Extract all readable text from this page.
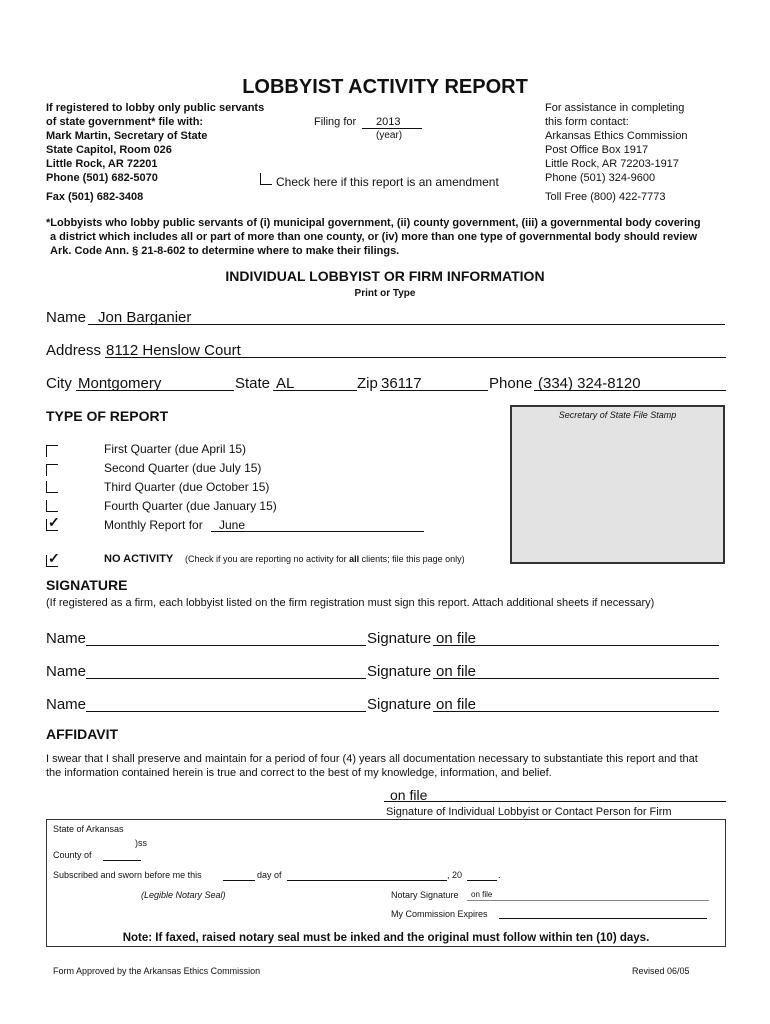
LOBBYIST ACTIVITY REPORT
If registered to lobby only public servants
of state government* file with:
Mark Martin, Secretary of State
State Capitol, Room 026
Little Rock, AR 72201
Phone (501) 682-5070
Fax (501) 682-3408
Filing for 2013
(year)
Check here if this report is an amendment
For assistance in completing
this form contact:
Arkansas Ethics Commission
Post Office Box 1917
Little Rock, AR 72203-1917
Phone (501) 324-9600
Toll Free (800) 422-7773
*Lobbyists who lobby public servants of (i) municipal government, (ii) county government, (iii) a governmental body covering
a district which includes all or part of more than one county, or (iv) more than one type of governmental body should review
Ark. Code Ann. § 21-8-602 to determine where to make their filings.
INDIVIDUAL LOBBYIST OR FIRM INFORMATION
Print or Type
Name Jon Barganier
Address 8112 Henslow Court
City Montgomery	State AL	Zip 36117	Phone (334) 324-8120
TYPE OF REPORT
First Quarter (due April 15)
Second Quarter (due July 15)
Third Quarter (due October 15)
Fourth Quarter (due January 15)
✓	Monthly Report for June
✓	NO ACTIVITY (Check if you are reporting no activity for all clients; file this page only)
Secretary of State File Stamp
SIGNATURE
(If registered as a firm, each lobbyist listed on the firm registration must sign this report. Attach additional sheets if necessary)
Name	Signature on file
Name	Signature on file
Name	Signature on file
AFFIDAVIT
I swear that I shall preserve and maintain for a period of four (4) years all documentation necessary to substantiate this report and that
the information contained herein is true and correct to the best of my knowledge, information, and belief.
on file
Signature of Individual Lobbyist or Contact Person for Firm
State of Arkansas
)ss
County of
Subscribed and sworn before me this	day of	, 20	.
(Legible Notary Seal)	Notary Signature on file
My Commission Expires
Note: If faxed, raised notary seal must be inked and the original must follow within ten (10) days.
Form Approved by the Arkansas Ethics Commission	Revised 06/05
